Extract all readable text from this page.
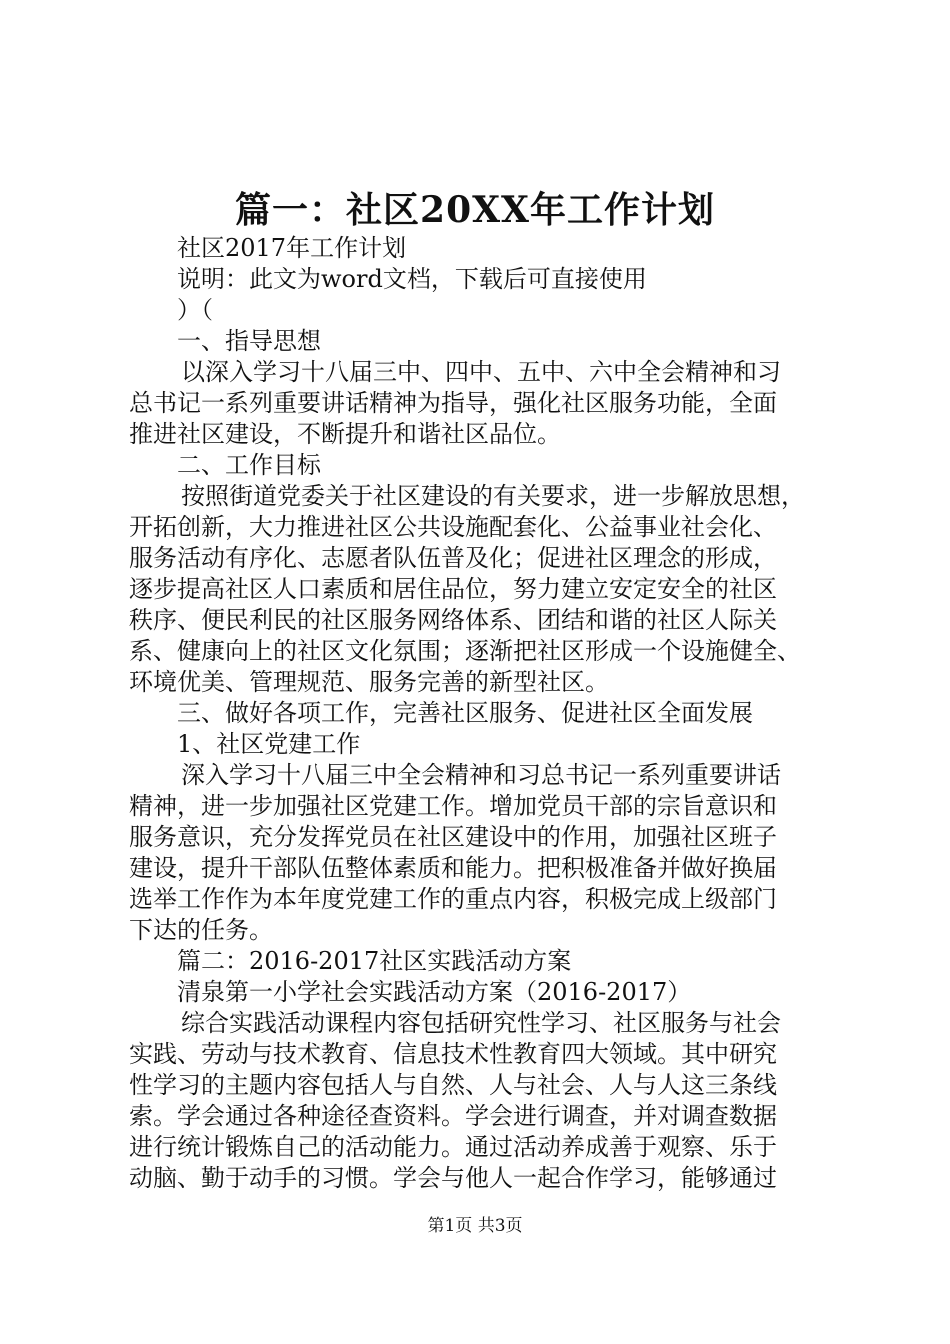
篇一：社区20XX年工作计划
社区2017年工作计划
说明：此文为word文档，下载后可直接使用
）（
一、指导思想
以深入学习十八届三中、四中、五中、六中全会精神和习
总书记一系列重要讲话精神为指导，强化社区服务功能，全面
推进社区建设，不断提升和谐社区品位。
二、工作目标
按照街道党委关于社区建设的有关要求，进一步解放思想，
开拓创新，大力推进社区公共设施配套化、公益事业社会化、
服务活动有序化、志愿者队伍普及化；促进社区理念的形成，
逐步提高社区人口素质和居住品位，努力建立安定安全的社区
秩序、便民利民的社区服务网络体系、团结和谐的社区人际关
系、健康向上的社区文化氛围；逐渐把社区形成一个设施健全、
环境优美、管理规范、服务完善的新型社区。
三、做好各项工作，完善社区服务、促进社区全面发展
1、社区党建工作
深入学习十八届三中全会精神和习总书记一系列重要讲话
精神，进一步加强社区党建工作。增加党员干部的宗旨意识和
服务意识，充分发挥党员在社区建设中的作用，加强社区班子
建设，提升干部队伍整体素质和能力。把积极准备并做好换届
选举工作作为本年度党建工作的重点内容，积极完成上级部门
下达的任务。
篇二：2016-2017社区实践活动方案
清泉第一小学社会实践活动方案（2016-2017）
综合实践活动课程内容包括研究性学习、社区服务与社会
实践、劳动与技术教育、信息技术性教育四大领域。其中研究
性学习的主题内容包括人与自然、人与社会、人与人这三条线
索。学会通过各种途径查资料。学会进行调查，并对调查数据
进行统计锻炼自己的活动能力。通过活动养成善于观察、乐于
动脑、勤于动手的习惯。学会与他人一起合作学习，能够通过
第1页 共3页
